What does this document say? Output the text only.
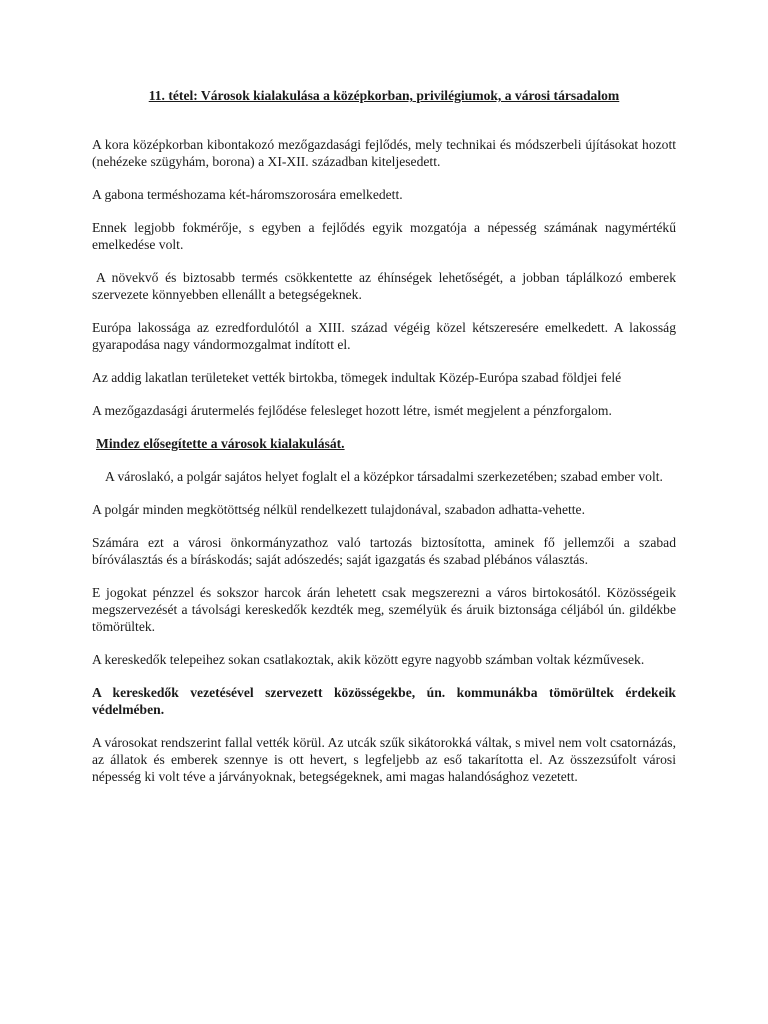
11. tétel: Városok kialakulása a középkorban, privilégiumok, a városi társadalom

A kora középkorban kibontakozó mezőgazdasági fejlődés, mely technikai és módszerbeli újításokat hozott (nehézeke szügyhám, borona) a XI-XII. században kiteljesedett.

A gabona terméshozama két-háromszorosára emelkedett.

Ennek legjobb fokmérője, s egyben a fejlődés egyik mozgatója a népesség számának nagymértékű emelkedése volt.

A növekvő és biztosabb termés csökkentette az éhínségek lehetőségét, a jobban táplálkozó emberek szervezete könnyebben ellenállt a betegségeknek.

Európa lakossága az ezredfordulótól a XIII. század végéig közel kétszeresére emelkedett. A lakosság gyarapodása nagy vándormozgalmat indított el.

Az addig lakatlan területeket vették birtokba, tömegek indultak Közép-Európa szabad földjei felé

A mezőgazdasági árutermelés fejlődése felesleget hozott létre, ismét megjelent a pénzforgalom.

Mindez elősegítette a városok kialakulását.

A városlakó, a polgár sajátos helyet foglalt el a középkor társadalmi szerkezetében; szabad ember volt.

A polgár minden megkötöttség nélkül rendelkezett tulajdonával, szabadon adhatta-vehette.

Számára ezt a városi önkormányzathoz való tartozás biztosította, aminek fő jellemzői a szabad bíróválasztás és a bíráskodás; saját adószedés; saját igazgatás és szabad plébános választás.

E jogokat pénzzel és sokszor harcok árán lehetett csak megszerezni a város birtokosától. Közösségeik megszervezését a távolsági kereskedők kezdték meg, személyük és áruik biztonsága céljából ún. gildékbe tömörültek.

A kereskedők telepeihez sokan csatlakoztak, akik között egyre nagyobb számban voltak kézművesek.

A kereskedők vezetésével szervezett közösségekbe, ún. kommunákba tömörültek érdekeik védelmében.

A városokat rendszerint fallal vették körül. Az utcák szűk sikátorokká váltak, s mivel nem volt csatornázás, az állatok és emberek szennye is ott hevert, s legfeljebb az eső takarította el. Az összezsúfolt városi népesség ki volt téve a járványoknak, betegségeknek, ami magas halandósághoz vezetett.
